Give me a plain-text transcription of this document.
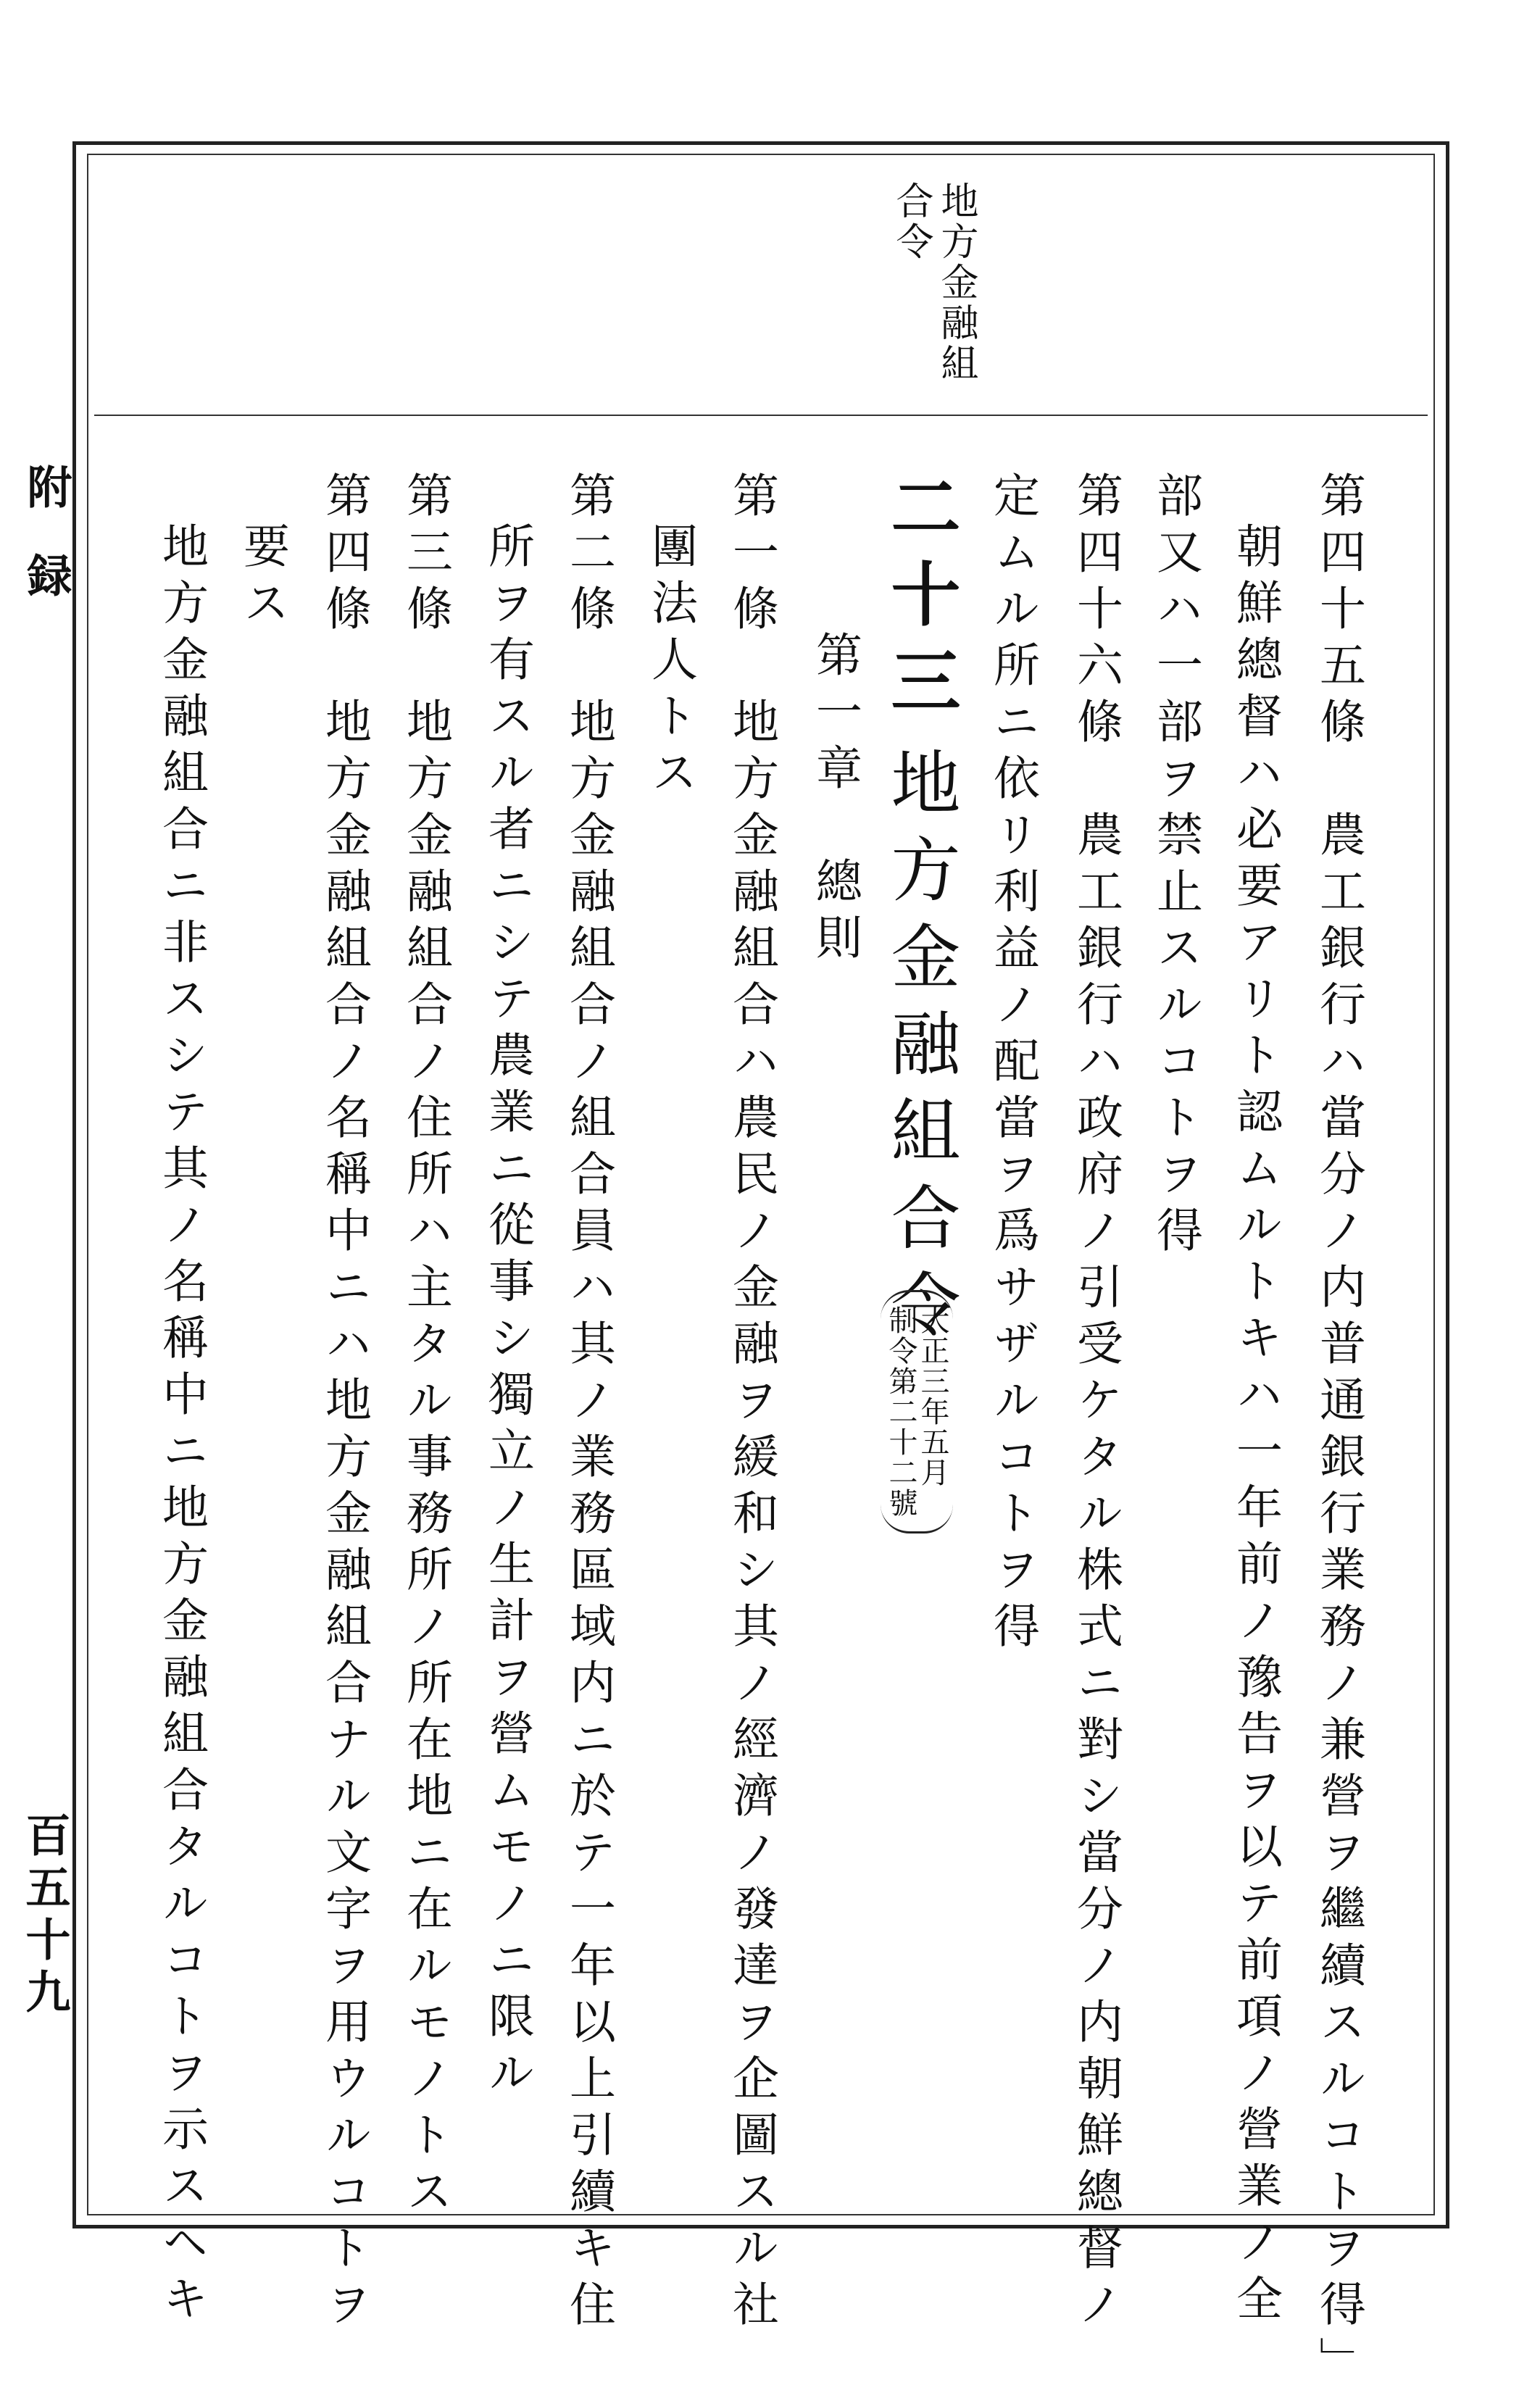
地方金融組
合令
附録
百五十九	第四十五條　農工銀行ハ當分ノ内普通銀行業務ノ兼營ヲ繼續スルコトヲ得」
朝鮮總督ハ必要アリト認ムルトキハ一年前ノ豫告ヲ以テ前項ノ營業ノ全
部又ハ一部ヲ禁止スルコトヲ得
第四十六條　農工銀行ハ政府ノ引受ケタル株式ニ對シ當分ノ内朝鮮總督ノ
定ムル所ニ依リ利益ノ配當ヲ爲サザルコトヲ得
二十三
地方金融組合令
大正三年五月
制令第二十二號
第一章　總則
第一條　地方金融組合ハ農民ノ金融ヲ緩和シ其ノ經濟ノ發達ヲ企圖スル社
團法人トス
第二條　地方金融組合ノ組合員ハ其ノ業務區域内ニ於テ一年以上引續キ住
所ヲ有スル者ニシテ農業ニ從事シ獨立ノ生計ヲ營ムモノニ限ル
第三條　地方金融組合ノ住所ハ主タル事務所ノ所在地ニ在ルモノトス
第四條　地方金融組合ノ名稱中ニハ地方金融組合ナル文字ヲ用ウルコトヲ
要ス
地方金融組合ニ非スシテ其ノ名稱中ニ地方金融組合タルコトヲ示スヘキ
